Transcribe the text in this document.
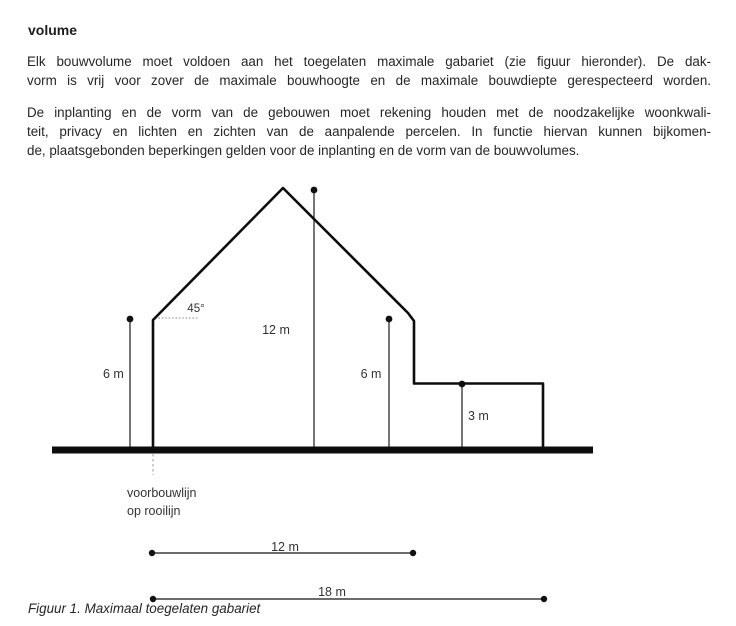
volume
Elk bouwvolume moet voldoen aan het toegelaten maximale gabariet (zie figuur hieronder). De dak-
vorm is vrij voor zover de maximale bouwhoogte en de maximale bouwdiepte gerespecteerd worden.
De inplanting en de vorm van de gebouwen moet rekening houden met de noodzakelijke woonkwali-
teit, privacy en lichten en zichten van de aanpalende percelen. In functie hiervan kunnen bijkomen-
de, plaatsgebonden beperkingen gelden voor de inplanting en de vorm van de bouwvolumes.
6 m
12 m
6 m
3 m
45°
voorbouwlijn
op rooilijn
12 m
18 m
Figuur 1. Maximaal toegelaten gabariet
